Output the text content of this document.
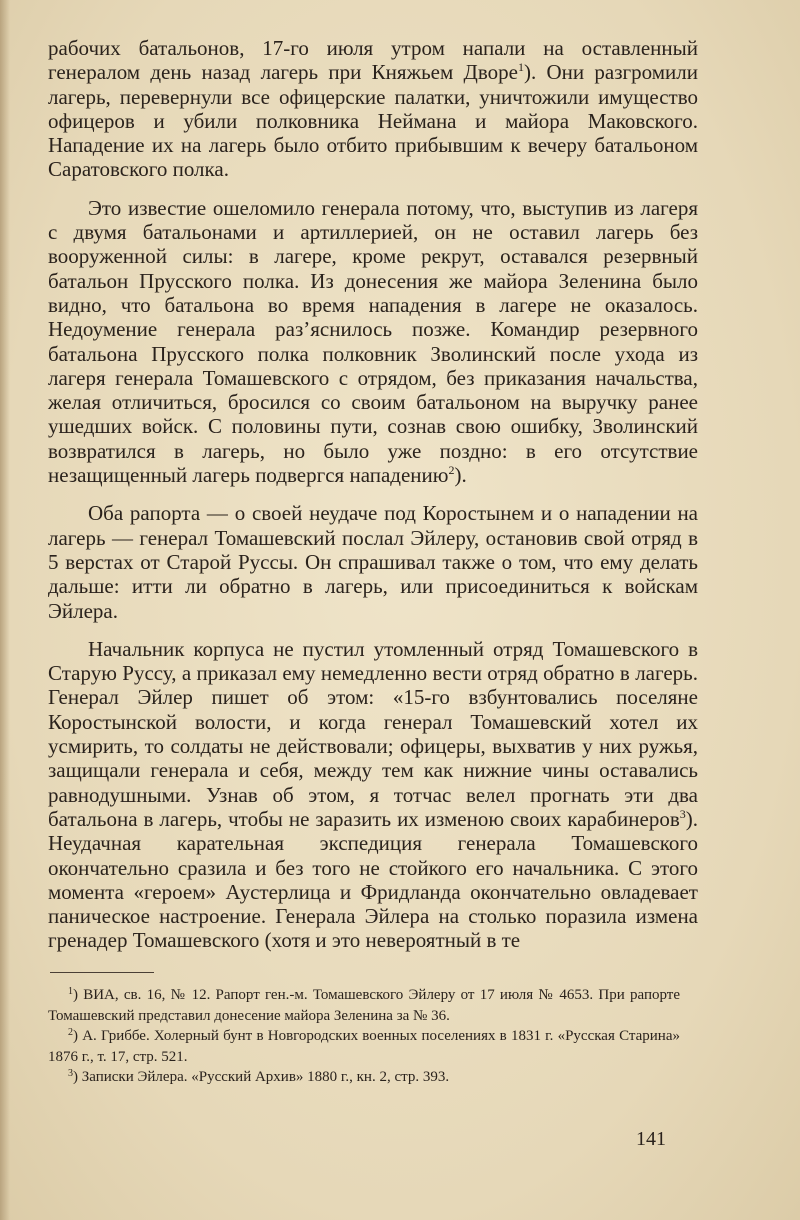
рабочих батальонов, 17-го июля утром напали на оставленный генералом день назад лагерь при Княжьем Дворе$^1$). Они разгромили лагерь, перевернули все офицерские палатки, уничтожили имущество офицеров и убили полковника Неймана и майора Маковского. Нападение их на лагерь было отбито прибывшим к вечеру батальоном Саратовского полка.

Это известие ошеломило генерала потому, что, выступив из лагеря с двумя батальонами и артиллерией, он не оставил лагерь без вооруженной силы: в лагере, кроме рекрут, оставался резервный батальон Прусского полка. Из донесения же майора Зеленина было видно, что батальона во время нападения в лагере не оказалось. Недоумение генерала раз’яснилось позже. Командир резервного батальона Прусского полка полковник Зволинский после ухода из лагеря генерала Томашевского с отрядом, без приказания начальства, желая отличиться, бросился со своим батальоном на выручку ранее ушедших войск. С половины пути, сознав свою ошибку, Зволинский возвратился в лагерь, но было уже поздно: в его отсутствие незащищенный лагерь подвергся нападению$^2$).

Оба рапорта — о своей неудаче под Коростынем и о нападении на лагерь — генерал Томашевский послал Эйлеру, остановив свой отряд в 5 верстах от Старой Руссы. Он спрашивал также о том, что ему делать дальше: итти ли обратно в лагерь, или присоединиться к войскам Эйлера.

Начальник корпуса не пустил утомленный отряд Томашевского в Старую Руссу, а приказал ему немедленно вести отряд обратно в лагерь. Генерал Эйлер пишет об этом: «15-го взбунтовались поселяне Коростынской волости, и когда генерал Томашевский хотел их усмирить, то солдаты не действовали; офицеры, выхватив у них ружья, защищали генерала и себя, между тем как нижние чины оставались равнодушными. Узнав об этом, я тотчас велел прогнать эти два батальона в лагерь, чтобы не заразить их изменою своих карабинеров$^3$). Неудачная карательная экспедиция генерала Томашевского окончательно сразила и без того не стойкого его начальника. С этого момента «героем» Аустерлица и Фридланда окончательно овладевает паническое настроение. Генерала Эйлера на столько поразила измена гренадер Томашевского (хотя и это невероятный в те

$^1$) ВИА, св. 16, № 12. Рапорт ген.-м. Томашевского Эйлеру от 17 июля № 4653. При рапорте Томашевский представил донесение майора Зеленина за № 36.

$^2$) А. Гриббе. Холерный бунт в Новгородских военных поселениях в 1831 г. «Русская Старина» 1876 г., т. 17, стр. 521.

$^3$) Записки Эйлера. «Русский Архив» 1880 г., кн. 2, стр. 393.

141
